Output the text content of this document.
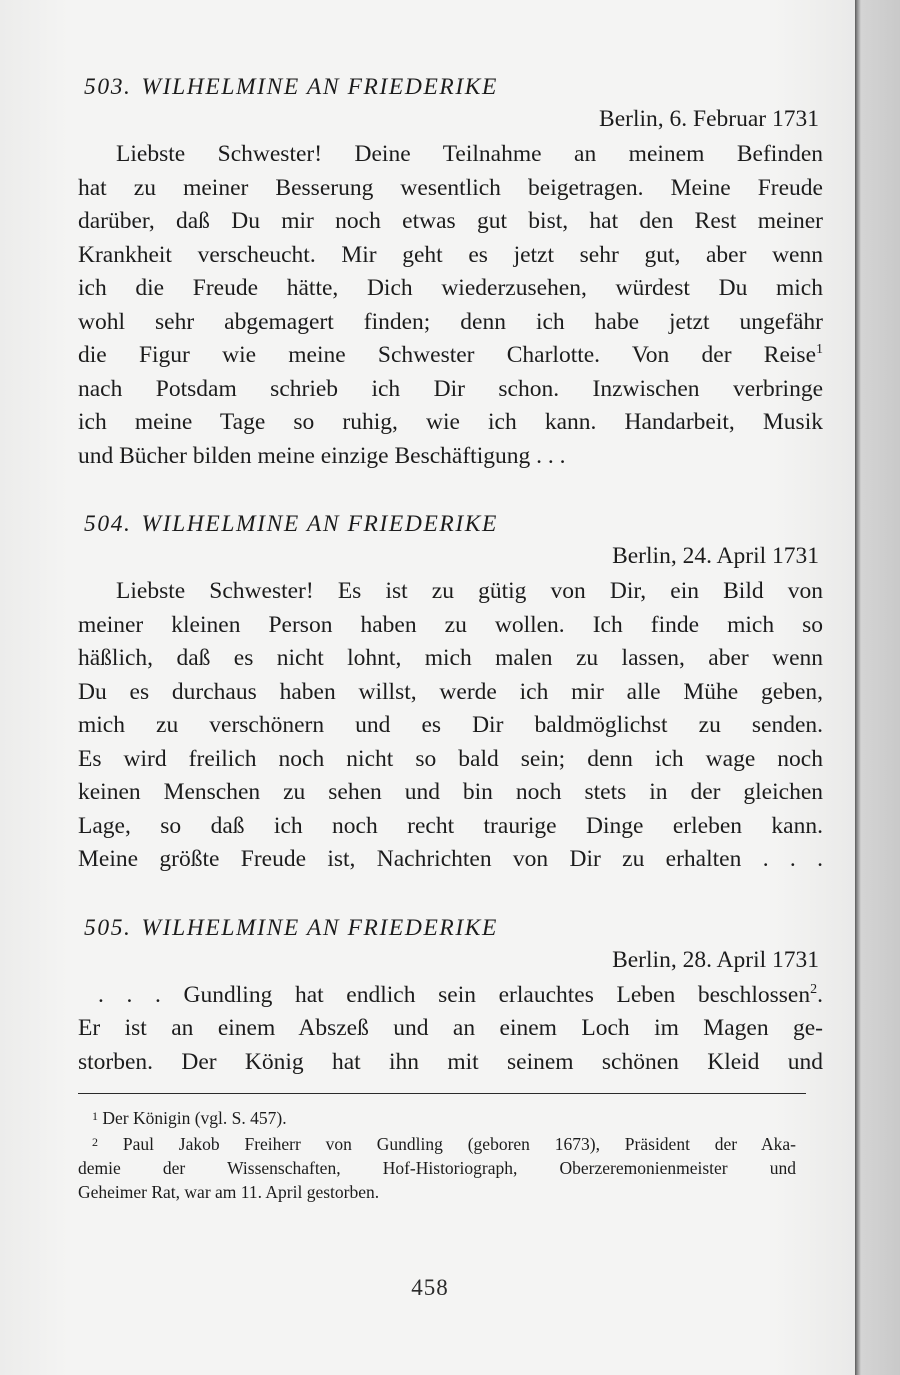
503. WILHELMINE AN FRIEDERIKE
Berlin, 6. Februar 1731
Liebste Schwester! Deine Teilnahme an meinem Befinden
hat zu meiner Besserung wesentlich beigetragen. Meine Freude
darüber, daß Du mir noch etwas gut bist, hat den Rest meiner
Krankheit verscheucht. Mir geht es jetzt sehr gut, aber wenn
ich die Freude hätte, Dich wiederzusehen, würdest Du mich
wohl sehr abgemagert finden; denn ich habe jetzt ungefähr
die Figur wie meine Schwester Charlotte. Von der Reise$^1$
nach Potsdam schrieb ich Dir schon. Inzwischen verbringe
ich meine Tage so ruhig, wie ich kann. Handarbeit, Musik
und Bücher bilden meine einzige Beschäftigung . . .
504. WILHELMINE AN FRIEDERIKE
Berlin, 24. April 1731
Liebste Schwester! Es ist zu gütig von Dir, ein Bild von
meiner kleinen Person haben zu wollen. Ich finde mich so
häßlich, daß es nicht lohnt, mich malen zu lassen, aber wenn
Du es durchaus haben willst, werde ich mir alle Mühe geben,
mich zu verschönern und es Dir baldmöglichst zu senden.
Es wird freilich noch nicht so bald sein; denn ich wage noch
keinen Menschen zu sehen und bin noch stets in der gleichen
Lage, so daß ich noch recht traurige Dinge erleben kann.
Meine größte Freude ist, Nachrichten von Dir zu erhalten . . .
505. WILHELMINE AN FRIEDERIKE
Berlin, 28. April 1731
. . . Gundling hat endlich sein erlauchtes Leben beschlossen$^2$.
Er ist an einem Abszeß und an einem Loch im Magen ge-
storben. Der König hat ihn mit seinem schönen Kleid und
$^1$ Der Königin (vgl. S. 457).
$^2$ Paul Jakob Freiherr von Gundling (geboren 1673), Präsident der Aka-
demie der Wissenschaften, Hof-Historiograph, Oberzeremonienmeister und
Geheimer Rat, war am 11. April gestorben.
458
